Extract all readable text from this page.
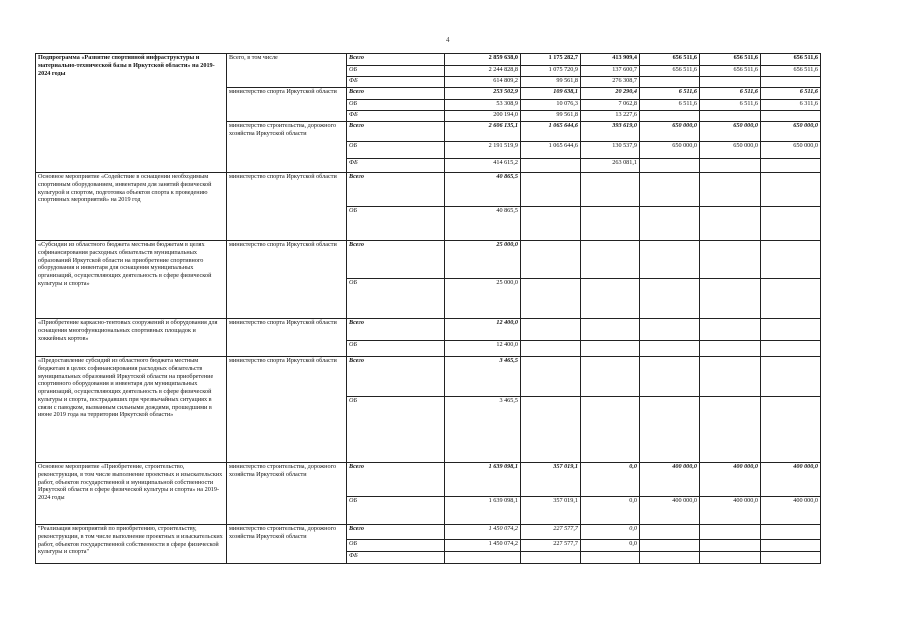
4
Подпрограмма «Развитие спортивной инфраструктуры и материально-технической базы в Иркутской области» на 2019-2024 годы	Всего, в том числе	Всего	2 859 638,0	1 175 282,7	413 909,4	656 511,6	656 511,6	656 511,6
		ОБ	2 244 828,8	1 075 720,9	137 600,7	656 511,6	656 511,6	656 511,6
		ФБ	614 809,2	99 561,8	276 308,7			
	министерство спорта Иркутской области	Всего	253 502,9	109 638,1	20 290,4	6 511,6	6 511,6	6 511,6
		ОБ	53 308,9	10 076,3	7 062,8	6 511,6	6 511,6	6 311,6
		ФБ	200 194,0	99 561,8	13 227,6			
	министерство строительства, дорожного хозяйства Иркутской области	Всего	2 606 135,1	1 065 644,6	393 619,0	650 000,0	650 000,0	650 000,0
		ОБ	2 191 519,9	1 065 644,6	130 537,9	650 000,0	650 000,0	650 000,0
		ФБ	414 615,2		263 081,1			
Основное мероприятие «Содействие в оснащении необходимым спортивным оборудованием, инвентарем для занятий физической культурой и спортом, подготовка объектов спорта к проведению спортивных мероприятий» на 2019 год	министерство спорта Иркутской области	Всего	40 865,5					
		ОБ	40 865,5					
«Субсидии из областного бюджета местным бюджетам в целях софинансирования расходных обязательств муниципальных образований Иркутской области на приобретение спортивного оборудования и инвентаря для оснащения муниципальных организаций, осуществляющих деятельность в сфере физической культуры и спорта»	министерство спорта Иркутской области	Всего	25 000,0					
		ОБ	25 000,0					
«Приобретение каркасно-тентовых сооружений и оборудования для оснащения многофункциональных спортивных площадок и хоккейных кортов»	министерство спорта Иркутской области	Всего	12 400,0					
		ОБ	12 400,0					
«Предоставление субсидий из областного бюджета местным бюджетам в целях софинансирования расходных обязательств муниципальных образований Иркутской области на приобретение спортивного оборудования и инвентаря для муниципальных организаций, осуществляющих деятельность в сфере физической культуры и спорта, пострадавших при чрезвычайных ситуациях в связи с паводком, вызванным сильными дождями, прошедшими в июне 2019 года на территории Иркутской области»	министерство спорта Иркутской области	Всего	3 465,5					
		ОБ	3 465,5					
Основное мероприятие «Приобретение, строительство, реконструкция, в том числе выполнение проектных и изыскательских работ, объектов государственной и муниципальной собственности Иркутской области в сфере физической культуры и спорта» на 2019-2024 годы	министерство строительства, дорожного хозяйства Иркутской области	Всего	1 639 098,1	357 019,1	0,0	400 000,0	400 000,0	400 000,0
		ОБ	1 639 098,1	357 019,1	0,0	400 000,0	400 000,0	400 000,0
"Реализация мероприятий по приобретению, строительству, реконструкции, в том числе выполнение проектных и изыскательских работ, объектов государственной собственности в сфере физической культуры и спорта"	министерство строительства, дорожного хозяйства Иркутской области	Всего	1 450 074,2	227 577,7	0,0			
		ОБ	1 450 074,2	227 577,7	0,0			
		ФБ						
